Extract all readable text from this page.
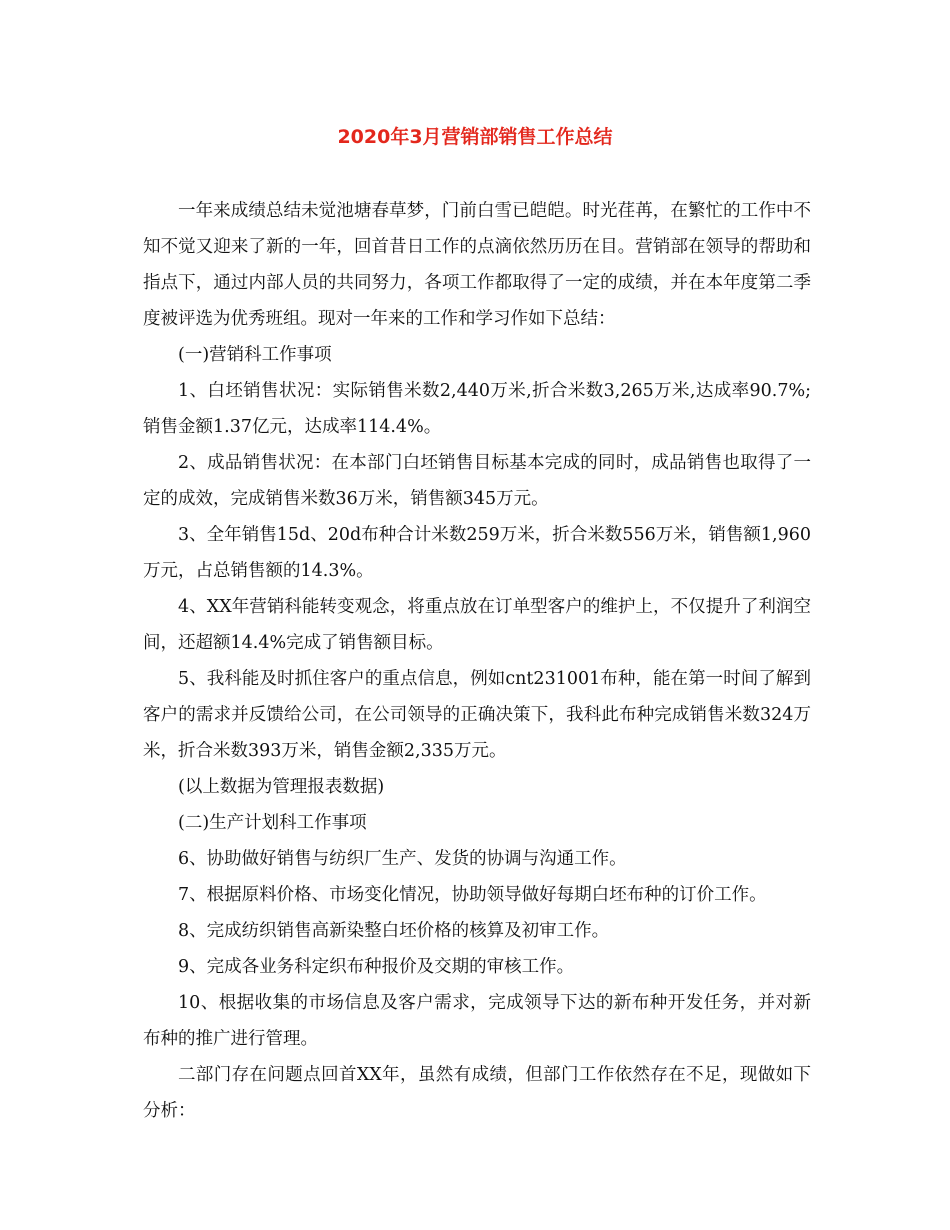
2020年3月营销部销售工作总结

一年来成绩总结未觉池塘春草梦，门前白雪已皑皑。时光荏苒，在繁忙的工作中不知不觉又迎来了新的一年，回首昔日工作的点滴依然历历在目。营销部在领导的帮助和指点下，通过内部人员的共同努力，各项工作都取得了一定的成绩，并在本年度第二季度被评选为优秀班组。现对一年来的工作和学习作如下总结：

(一)营销科工作事项

1、白坯销售状况：实际销售米数2,440万米,折合米数3,265万米,达成率90.7%;销售金额1.37亿元，达成率114.4%。

2、成品销售状况：在本部门白坯销售目标基本完成的同时，成品销售也取得了一定的成效，完成销售米数36万米，销售额345万元。

3、全年销售15d、20d布种合计米数259万米，折合米数556万米，销售额1,960万元，占总销售额的14.3%。

4、XX年营销科能转变观念，将重点放在订单型客户的维护上，不仅提升了利润空间，还超额14.4%完成了销售额目标。

5、我科能及时抓住客户的重点信息，例如cnt231001布种，能在第一时间了解到客户的需求并反馈给公司，在公司领导的正确决策下，我科此布种完成销售米数324万米，折合米数393万米，销售金额2,335万元。

(以上数据为管理报表数据)

(二)生产计划科工作事项

6、协助做好销售与纺织厂生产、发货的协调与沟通工作。

7、根据原料价格、市场变化情况，协助领导做好每期白坯布种的订价工作。

8、完成纺织销售高新染整白坯价格的核算及初审工作。

9、完成各业务科定织布种报价及交期的审核工作。

10、根据收集的市场信息及客户需求，完成领导下达的新布种开发任务，并对新布种的推广进行管理。

二部门存在问题点回首XX年，虽然有成绩，但部门工作依然存在不足，现做如下分析：
